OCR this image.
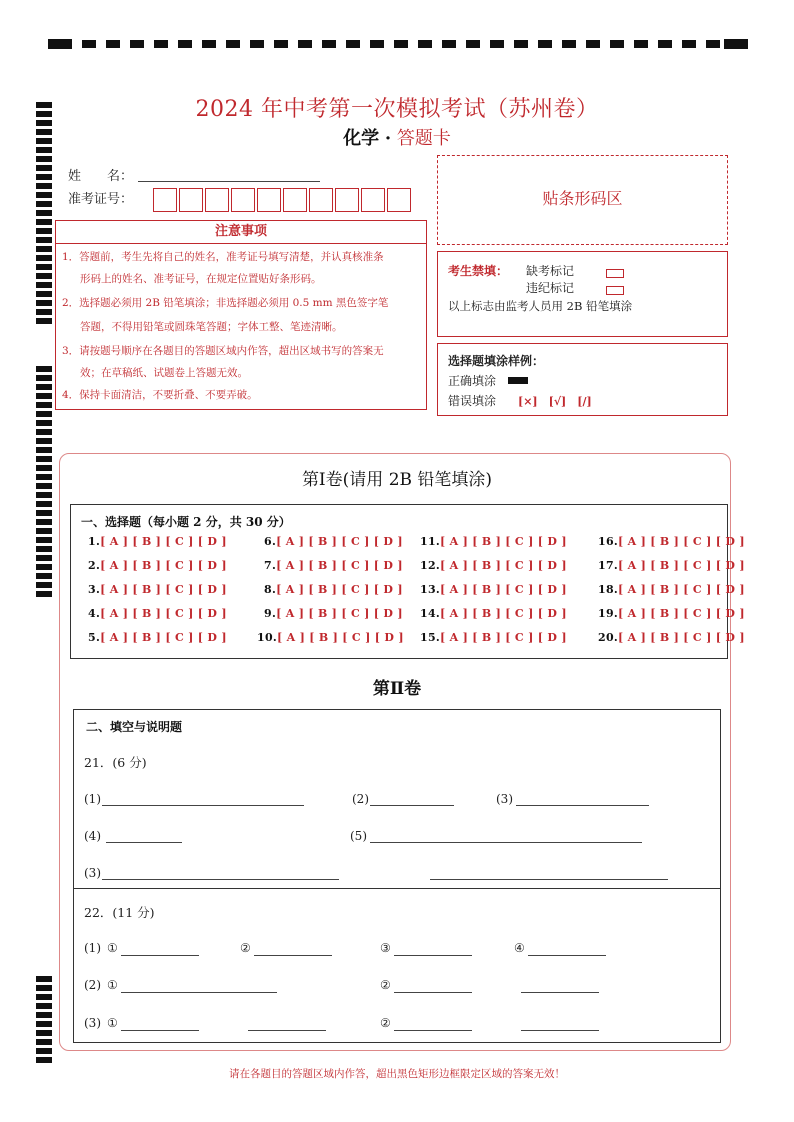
2024 年中考第一次模拟考试（苏州卷）
化学 · 答题卡
姓　　名：
准考证号：	贴条形码区
注意事项
1．答题前，考生先将自己的姓名，准考证号填写清楚，并认真核准条
形码上的姓名、准考证号，在规定位置贴好条形码。
2．选择题必须用 2B 铅笔填涂；非选择题必须用 0.5 mm 黑色签字笔
答题，不得用铅笔或圆珠笔答题；字体工整、笔迹清晰。
3．请按题号顺序在各题目的答题区域内作答，超出区域书写的答案无
效；在草稿纸、试题卷上答题无效。
4．保持卡面清洁，不要折叠、不要弄破。
考生禁填： 缺考标记
违纪标记
以上标志由监考人员用 2B 铅笔填涂
选择题填涂样例：
正确填涂
错误填涂 [×]　[√]　[/]
第Ⅰ卷(请用 2B 铅笔填涂)
一、选择题（每小题 2 分，共 30 分）
1.[ A ] [ B ] [ C ] [ D ]
2.[ A ] [ B ] [ C ] [ D ]
3.[ A ] [ B ] [ C ] [ D ]
4.[ A ] [ B ] [ C ] [ D ]
5.[ A ] [ B ] [ C ] [ D ]
6.[ A ] [ B ] [ C ] [ D ]
7.[ A ] [ B ] [ C ] [ D ]
8.[ A ] [ B ] [ C ] [ D ]
9.[ A ] [ B ] [ C ] [ D ]
10.[ A ] [ B ] [ C ] [ D ]
11.[ A ] [ B ] [ C ] [ D ]
12.[ A ] [ B ] [ C ] [ D ]
13.[ A ] [ B ] [ C ] [ D ]
14.[ A ] [ B ] [ C ] [ D ]
15.[ A ] [ B ] [ C ] [ D ]
16.[ A ] [ B ] [ C ] [ D ]
17.[ A ] [ B ] [ C ] [ D ]
18.[ A ] [ B ] [ C ] [ D ]
19.[ A ] [ B ] [ C ] [ D ]
20.[ A ] [ B ] [ C ] [ D ]
第Ⅱ卷
二、填空与说明题
21．(6 分)
(1)	(2)	(3)
(4)	(5)
(3)
22．(11 分)
(1) ①	②	③	④
(2) ①	②
(3) ①	②
请在各题目的答题区域内作答，超出黑色矩形边框限定区域的答案无效！
